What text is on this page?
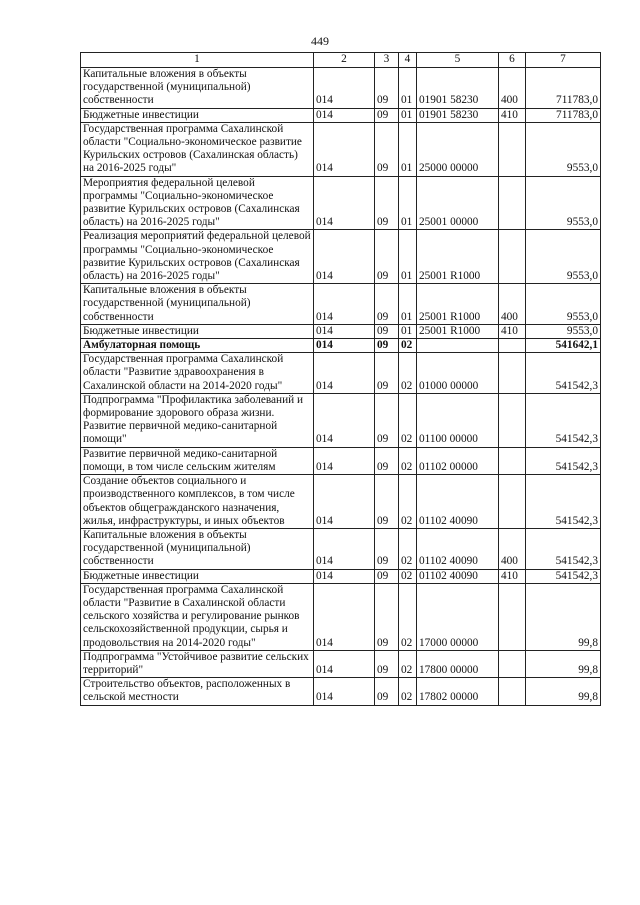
449
1	2	3	4	5	6	7
Капитальные вложения в объекты государственной (муниципальной) собственности	014	09	01	01901 58230	400	711783,0
Бюджетные инвестиции	014	09	01	01901 58230	410	711783,0
Государственная программа Сахалинской области "Социально-экономическое развитие Курильских островов (Сахалинская область) на 2016-2025 годы"	014	09	01	25000 00000		9553,0
Мероприятия федеральной целевой программы "Социально-экономическое развитие Курильских островов (Сахалинская область) на 2016-2025 годы"	014	09	01	25001 00000		9553,0
Реализация мероприятий федеральной целевой программы "Социально-экономическое развитие Курильских островов (Сахалинская область) на 2016-2025 годы"	014	09	01	25001 R1000		9553,0
Капитальные вложения в объекты государственной (муниципальной) собственности	014	09	01	25001 R1000	400	9553,0
Бюджетные инвестиции	014	09	01	25001 R1000	410	9553,0
Амбулаторная помощь	014	09	02			541642,1
Государственная программа Сахалинской области "Развитие здравоохранения в Сахалинской области на 2014-2020 годы"	014	09	02	01000 00000		541542,3
Подпрограмма "Профилактика заболеваний и формирование здорового образа жизни. Развитие первичной медико-санитарной помощи"	014	09	02	01100 00000		541542,3
Развитие первичной медико-санитарной помощи, в том числе сельским жителям	014	09	02	01102 00000		541542,3
Создание объектов социального и производственного комплексов, в том числе объектов общегражданского назначения, жилья, инфраструктуры, и иных объектов	014	09	02	01102 40090		541542,3
Капитальные вложения в объекты государственной (муниципальной) собственности	014	09	02	01102 40090	400	541542,3
Бюджетные инвестиции	014	09	02	01102 40090	410	541542,3
Государственная программа Сахалинской области "Развитие в Сахалинской области сельского хозяйства и регулирование рынков сельскохозяйственной продукции, сырья и продовольствия на 2014-2020 годы"	014	09	02	17000 00000		99,8
Подпрограмма "Устойчивое развитие сельских территорий"	014	09	02	17800 00000		99,8
Строительство объектов, расположенных в сельской местности	014	09	02	17802 00000		99,8
